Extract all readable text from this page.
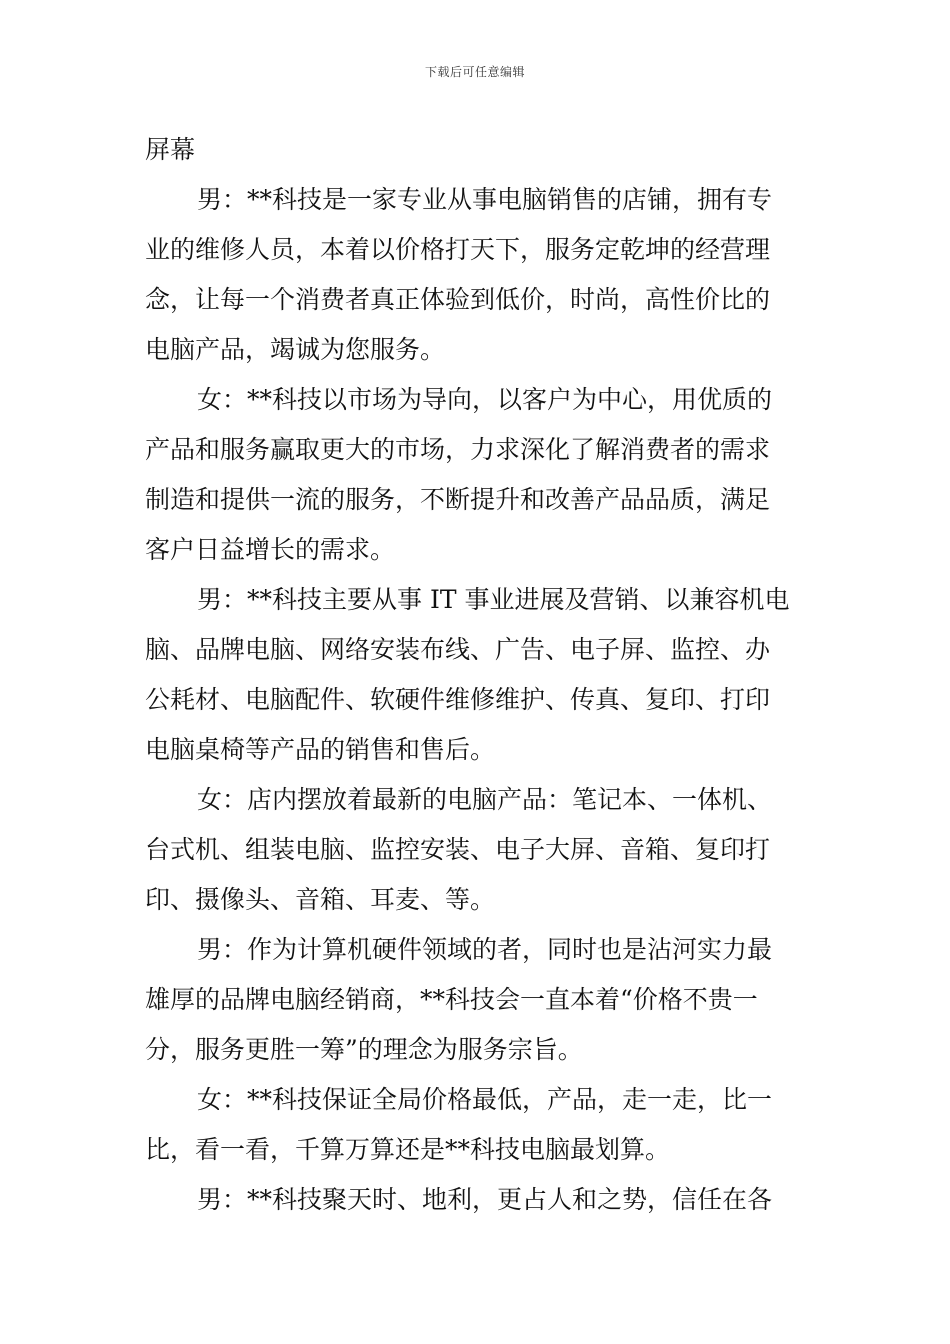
下载后可任意编辑
屏幕
男：**科技是一家专业从事电脑销售的店铺，拥有专
业的维修人员，本着以价格打天下，服务定乾坤的经营理
念，让每一个消费者真正体验到低价，时尚，高性价比的
电脑产品，竭诚为您服务。
女：**科技以市场为导向，以客户为中心，用优质的
产品和服务赢取更大的市场，力求深化了解消费者的需求
制造和提供一流的服务，不断提升和改善产品品质，满足
客户日益增长的需求。
男：**科技主要从事 IT 事业进展及营销、以兼容机电
脑、品牌电脑、网络安装布线、广告、电子屏、监控、办
公耗材、电脑配件、软硬件维修维护、传真、复印、打印
电脑桌椅等产品的销售和售后。
女：店内摆放着最新的电脑产品：笔记本、一体机、
台式机、组装电脑、监控安装、电子大屏、音箱、复印打
印、摄像头、音箱、耳麦、等。
男：作为计算机硬件领域的者，同时也是沾河实力最
雄厚的品牌电脑经销商，**科技会一直本着“价格不贵一
分，服务更胜一筹”的理念为服务宗旨。
女：**科技保证全局价格最低，产品，走一走，比一
比，看一看，千算万算还是**科技电脑最划算。
男：**科技聚天时、地利，更占人和之势，信任在各
